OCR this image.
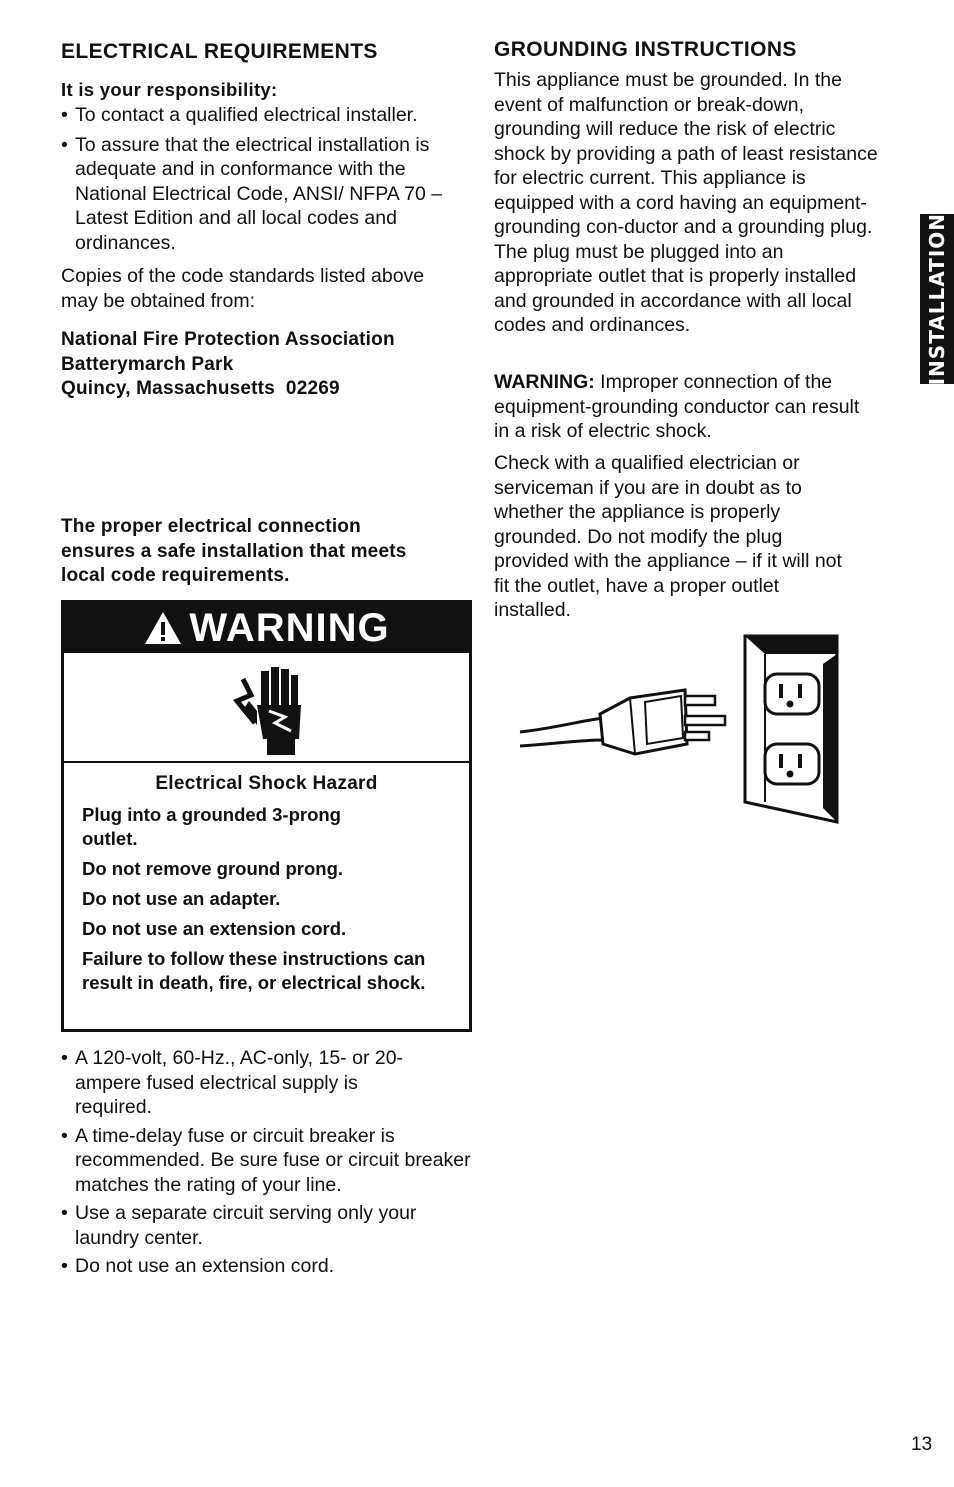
ELECTRICAL REQUIREMENTS
It is your responsibility:
• To contact a qualified electrical installer.
• To assure that the electrical installation is adequate and in conformance with the National Electrical Code, ANSI/ NFPA 70 – Latest Edition and all local codes and ordinances.

Copies of the code standards listed above may be obtained from:

National Fire Protection Association
Batterymarch Park
Quincy, Massachusetts  02269

The proper electrical connection ensures a safe installation that meets local code requirements.

WARNING
Electrical Shock Hazard

Plug into a grounded 3-prong outlet.

Do not remove ground prong.

Do not use an adapter.

Do not use an extension cord.

Failure to follow these instructions can result in death, fire, or electrical shock.

• A 120-volt, 60-Hz., AC-only, 15- or 20-ampere fused electrical supply is required.
• A time-delay fuse or circuit breaker is recommended. Be sure fuse or circuit breaker matches the rating of your line.
• Use a separate circuit serving only your laundry center.
• Do not use an extension cord.
GROUNDING INSTRUCTIONS

This appliance must be grounded. In the event of malfunction or break-down, grounding will reduce the risk of electric shock by providing a path of least resistance for electric current. This appliance is equipped with a cord having an equipment-grounding con-ductor and a grounding plug. The plug must be plugged into an appropriate outlet that is properly installed and grounded in accordance with all local codes and ordinances.

WARNING: Improper connection of the equipment-grounding conductor can result in a risk of electric shock.

Check with a qualified electrician or serviceman if you are in doubt as to whether the appliance is properly grounded. Do not modify the plug provided with the appliance – if it will not fit the outlet, have a proper outlet installed.

INSTALLATION
13
